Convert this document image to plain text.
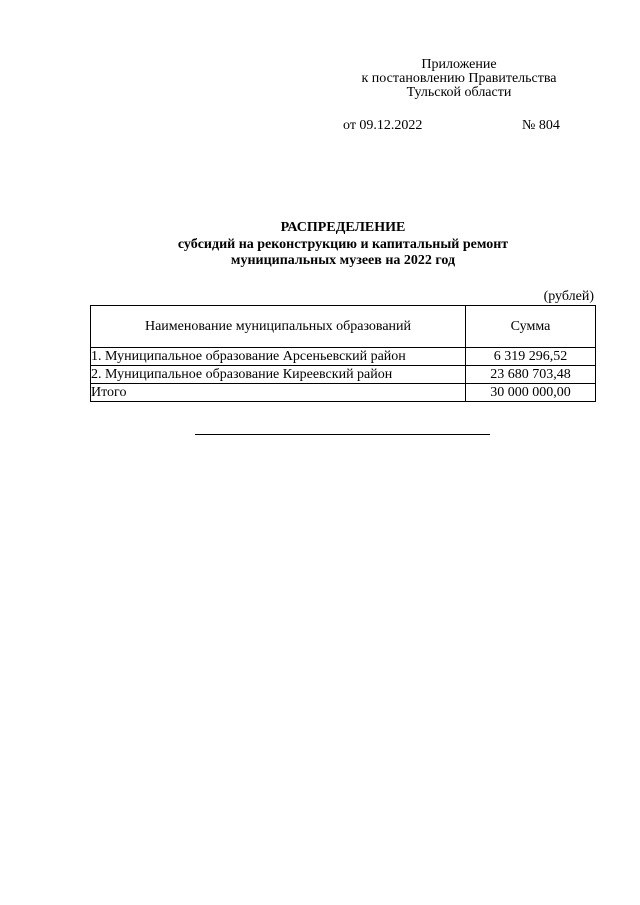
Приложение
к постановлению Правительства
Тульской области
от 09.12.2022	№ 804
РАСПРЕДЕЛЕНИЕ
субсидий на реконструкцию и капитальный ремонт
муниципальных музеев на 2022 год
(рублей)
Наименование муниципальных образований	Сумма
1. Муниципальное образование Арсеньевский район	6 319 296,52
2. Муниципальное образование Киреевский район	23 680 703,48
Итого	30 000 000,00
